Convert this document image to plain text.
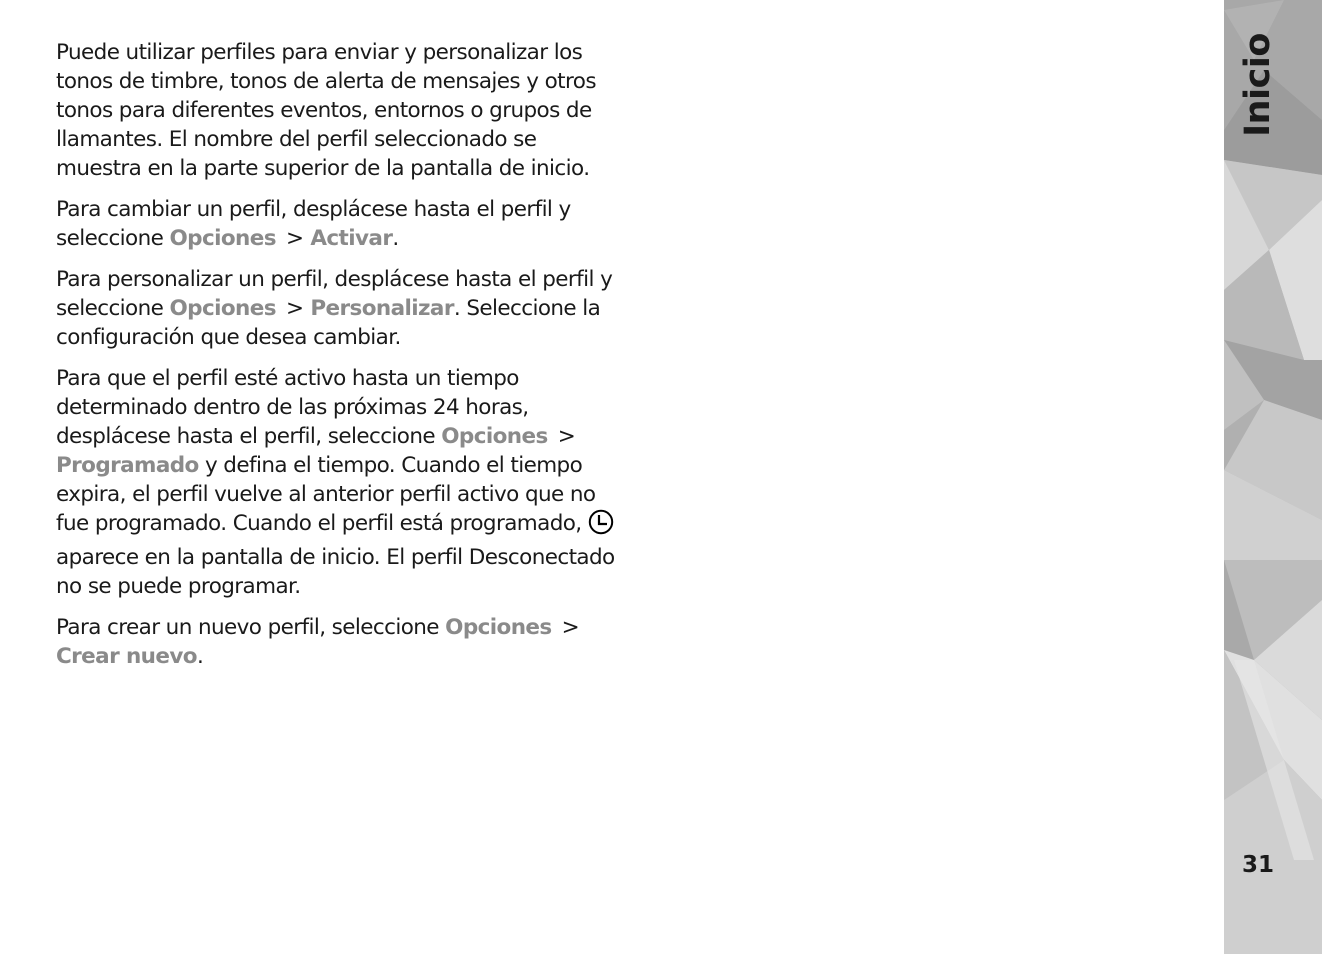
Puede utilizar perfiles para enviar y personalizar los tonos de timbre, tonos de alerta de mensajes y otros tonos para diferentes eventos, entornos o grupos de llamantes. El nombre del perfil seleccionado se muestra en la parte superior de la pantalla de inicio.

Para cambiar un perfil, desplácese hasta el perfil y seleccione Opciones > Activar.

Para personalizar un perfil, desplácese hasta el perfil y seleccione Opciones > Personalizar. Seleccione la configuración que desea cambiar.

Para que el perfil esté activo hasta un tiempo determinado dentro de las próximas 24 horas, desplácese hasta el perfil, seleccione Opciones >Programado y defina el tiempo. Cuando el tiempo expira, el perfil vuelve al anterior perfil activo que no fue programado. Cuando el perfil está programado,  aparece en la pantalla de inicio. El perfil Desconectado no se puede programar.

Para crear un nuevo perfil, seleccione Opciones >Crear nuevo.

Inicio
31
